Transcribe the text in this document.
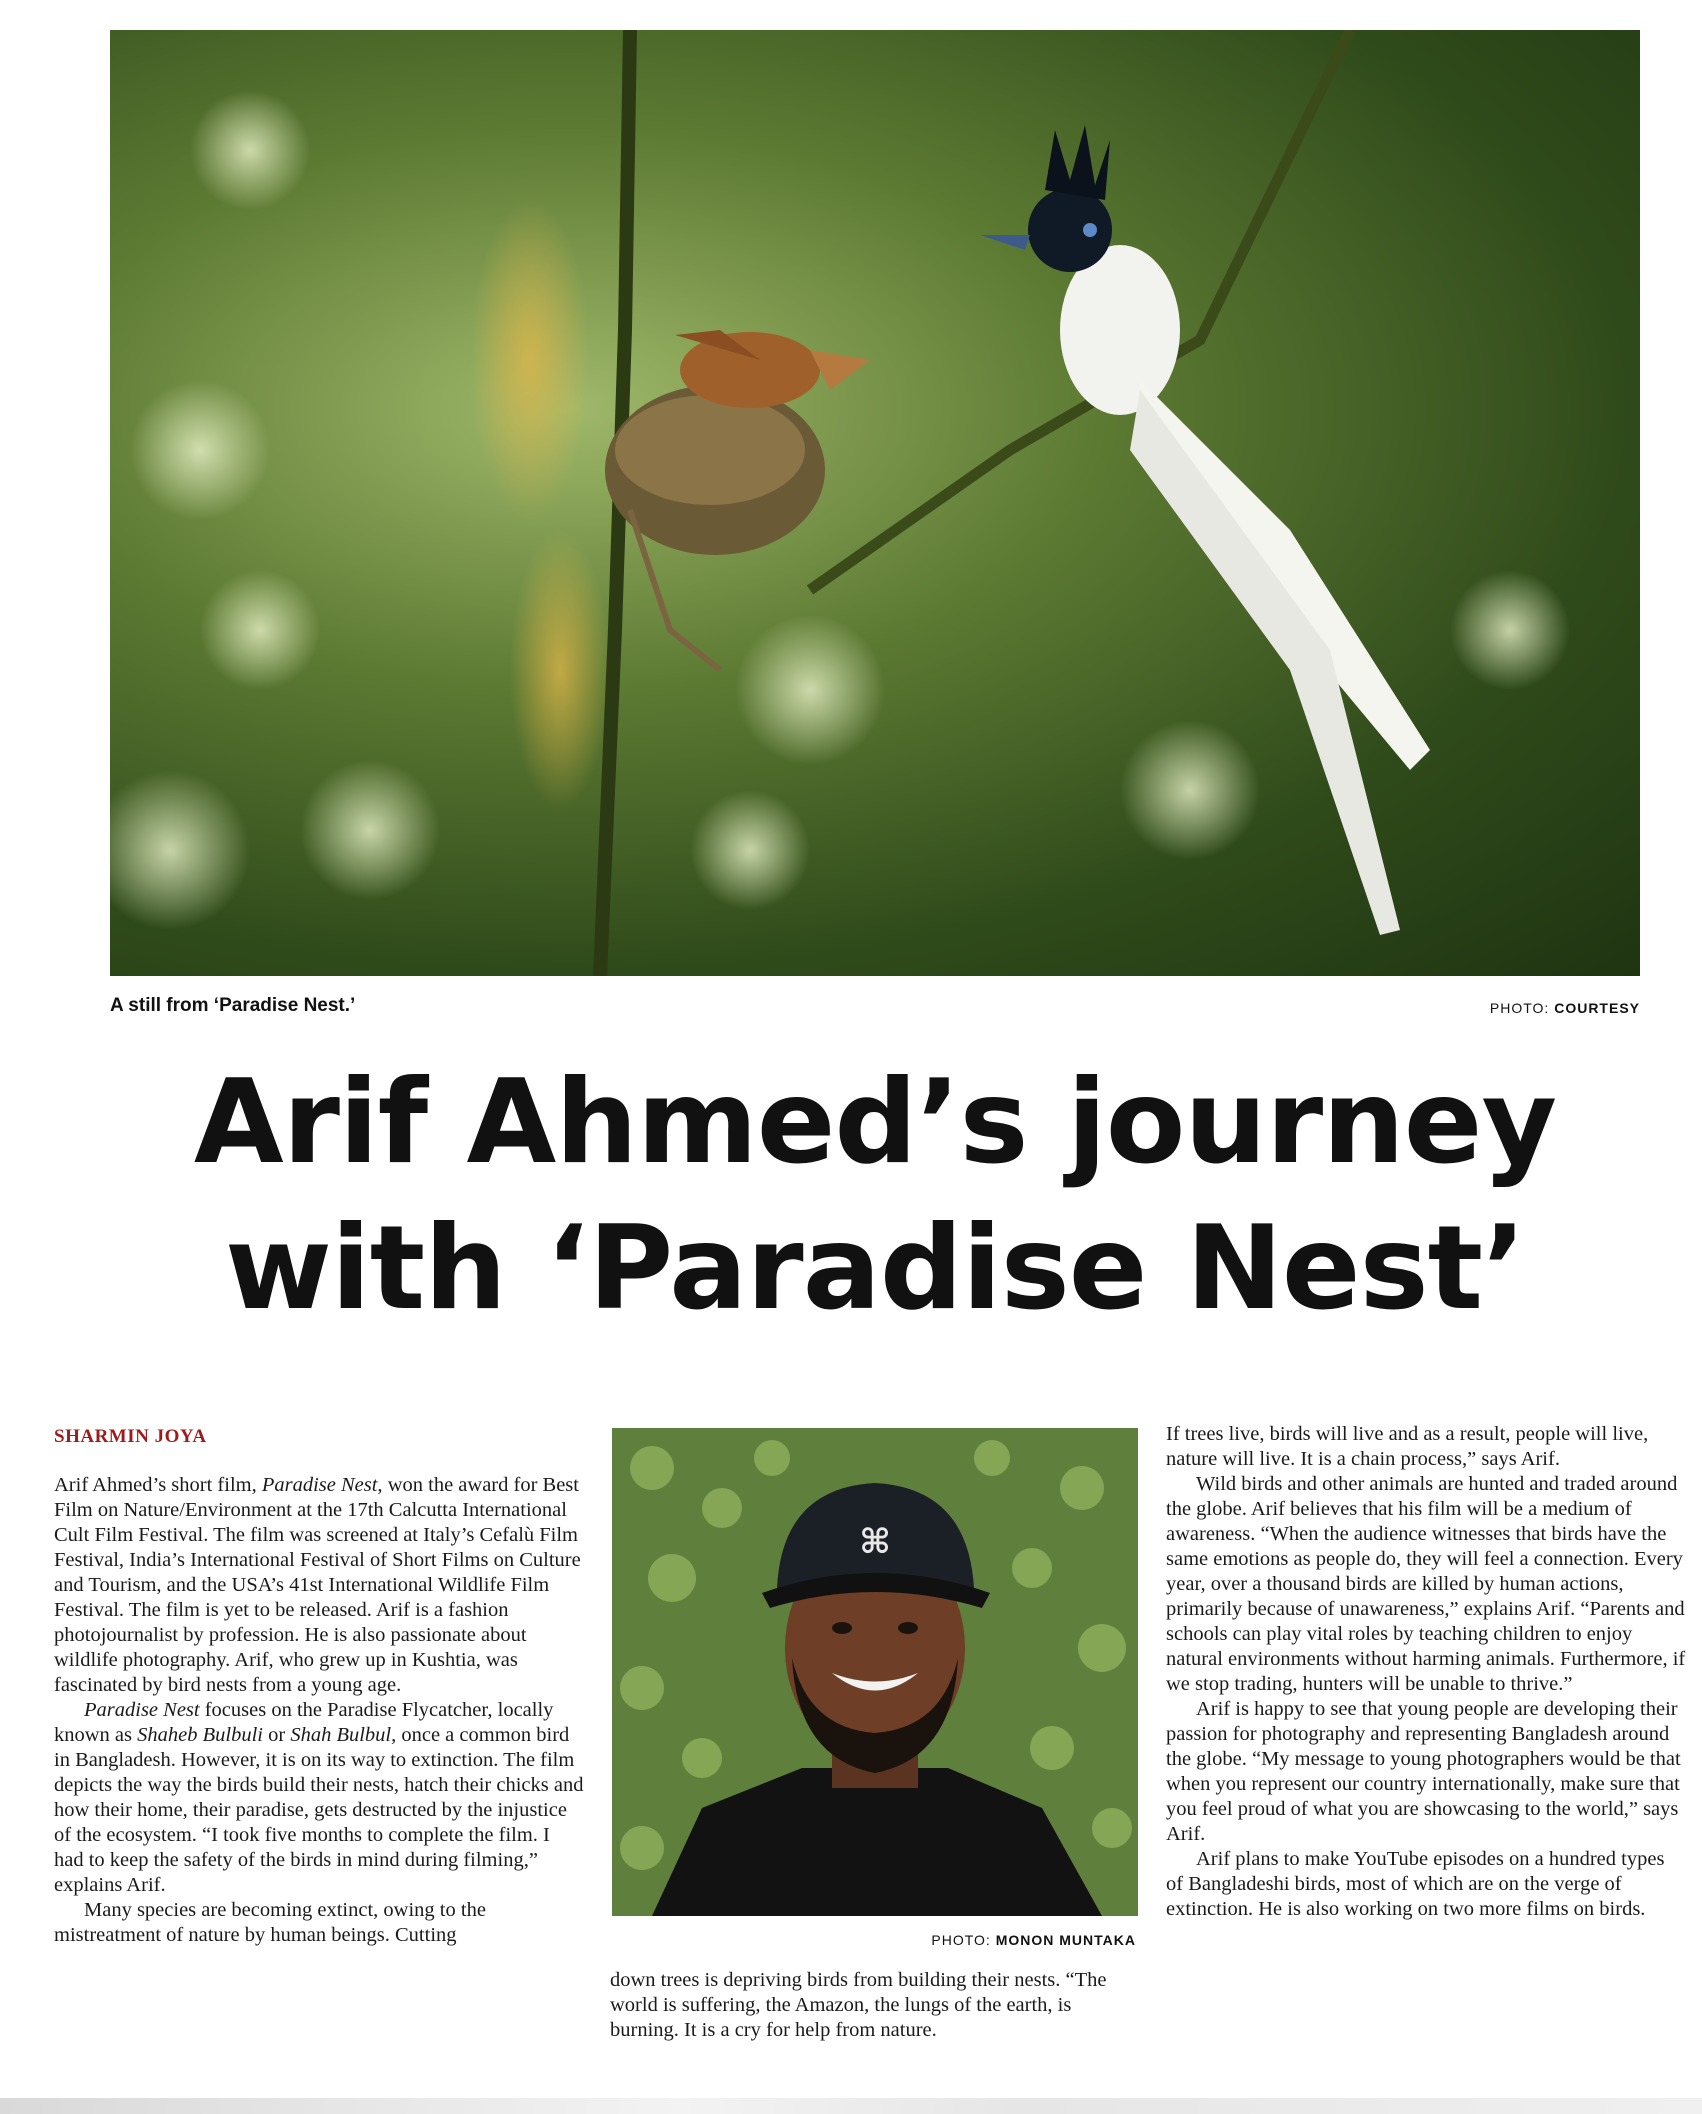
A still from ‘Paradise Nest.’	PHOTO: COURTESY
Arif Ahmed’s journey
with ‘Paradise Nest’
SHARMIN JOYA

Arif Ahmed’s short film, Paradise Nest, won the award for Best Film on Nature/Environment at the 17th Calcutta International Cult Film Festival. The film was screened at Italy’s Cefalù Film Festival, India’s International Festival of Short Films on Culture and Tourism, and the USA’s 41st International Wildlife Film Festival. The film is yet to be released. Arif is a fashion photojournalist by profession. He is also passionate about wildlife photography. Arif, who grew up in Kushtia, was fascinated by bird nests from a young age.

Paradise Nest focuses on the Paradise Flycatcher, locally known as Shaheb Bulbuli or Shah Bulbul, once a common bird in Bangladesh. However, it is on its way to extinction. The film depicts the way the birds build their nests, hatch their chicks and how their home, their paradise, gets destructed by the injustice of the ecosystem. “I took five months to complete the film. I had to keep the safety of the birds in mind during filming,” explains Arif.

Many species are becoming extinct, owing to the mistreatment of nature by human beings. Cutting

⌘
PHOTO: MONON MUNTAKA

down trees is depriving birds from building their nests. “The world is suffering, the Amazon, the lungs of the earth, is burning. It is a cry for help from nature.

If trees live, birds will live and as a result, people will live, nature will live. It is a chain process,” says Arif.

Wild birds and other animals are hunted and traded around the globe. Arif believes that his film will be a medium of awareness. “When the audience witnesses that birds have the same emotions as people do, they will feel a connection. Every year, over a thousand birds are killed by human actions, primarily because of unawareness,” explains Arif. “Parents and schools can play vital roles by teaching children to enjoy natural environments without harming animals. Furthermore, if we stop trading, hunters will be unable to thrive.”

Arif is happy to see that young people are developing their passion for photography and representing Bangladesh around the globe. “My message to young photographers would be that when you represent our country internationally, make sure that you feel proud of what you are showcasing to the world,” says Arif.

Arif plans to make YouTube episodes on a hundred types of Bangladeshi birds, most of which are on the verge of extinction. He is also working on two more films on birds.
